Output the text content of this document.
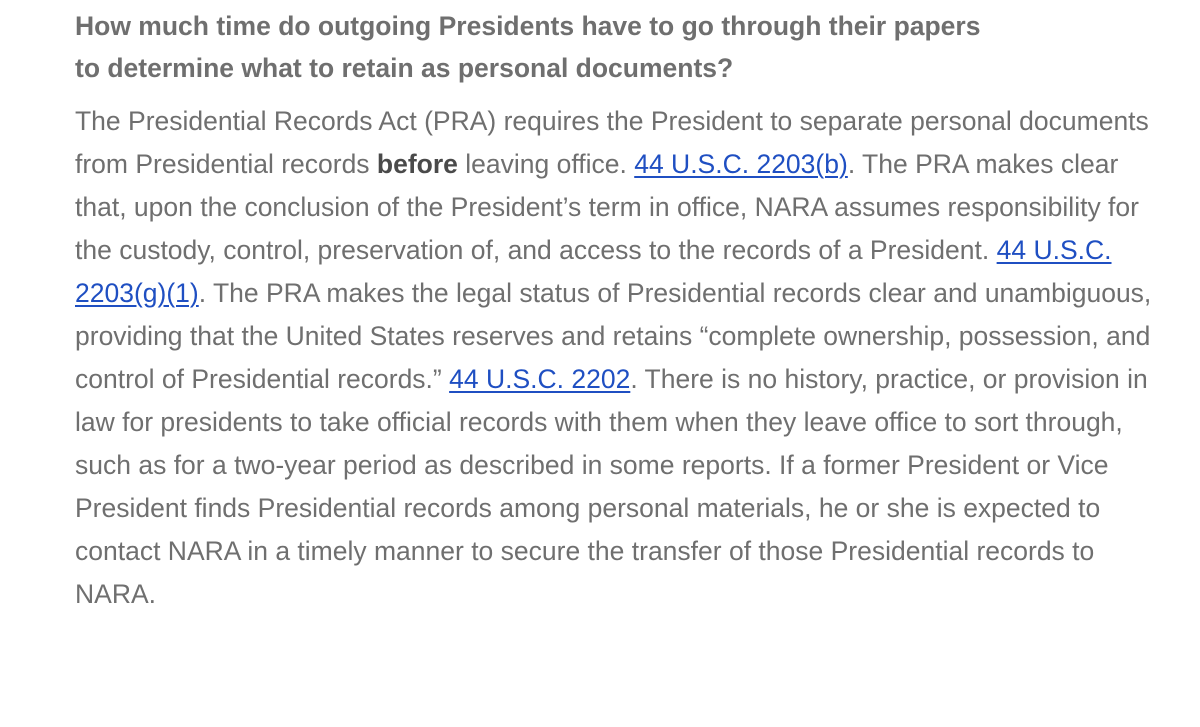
How much time do outgoing Presidents have to go through their papers
to determine what to retain as personal documents?

The Presidential Records Act (PRA) requires the President to separate personal documents from Presidential records before leaving office. 44 U.S.C. 2203(b). The PRA makes clear that, upon the conclusion of the President’s term in office, NARA assumes responsibility for the custody, control, preservation of, and access to the records of a President. 44 U.S.C. 2203(g)(1). The PRA makes the legal status of Presidential records clear and unambiguous, providing that the United States reserves and retains “complete ownership, possession, and control of Presidential records.” 44 U.S.C. 2202. There is no history, practice, or provision in law for presidents to take official records with them when they leave office to sort through, such as for a two-year period as described in some reports. If a former President or Vice President finds Presidential records among personal materials, he or she is expected to contact NARA in a timely manner to secure the transfer of those Presidential records to NARA.
